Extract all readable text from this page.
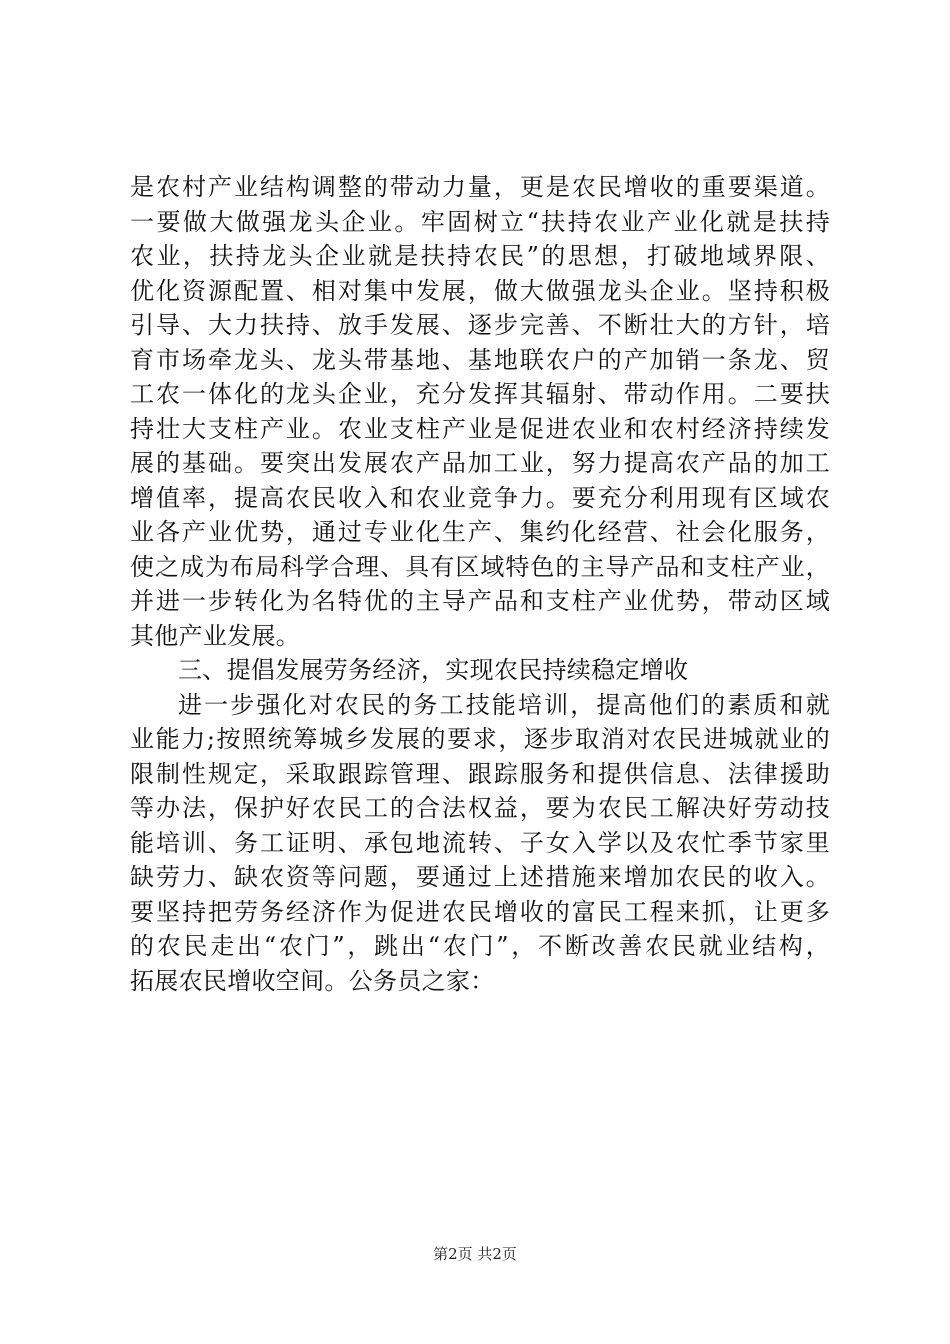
是农村产业结构调整的带动力量，更是农民增收的重要渠道。
一要做大做强龙头企业。牢固树立“扶持农业产业化就是扶持
农业，扶持龙头企业就是扶持农民”的思想，打破地域界限、
优化资源配置、相对集中发展，做大做强龙头企业。坚持积极
引导、大力扶持、放手发展、逐步完善、不断壮大的方针，培
育市场牵龙头、龙头带基地、基地联农户的产加销一条龙、贸
工农一体化的龙头企业，充分发挥其辐射、带动作用。二要扶
持壮大支柱产业。农业支柱产业是促进农业和农村经济持续发
展的基础。要突出发展农产品加工业，努力提高农产品的加工
增值率，提高农民收入和农业竞争力。要充分利用现有区域农
业各产业优势，通过专业化生产、集约化经营、社会化服务，
使之成为布局科学合理、具有区域特色的主导产品和支柱产业，
并进一步转化为名特优的主导产品和支柱产业优势，带动区域
其他产业发展。
三、提倡发展劳务经济，实现农民持续稳定增收
进一步强化对农民的务工技能培训，提高他们的素质和就
业能力;按照统筹城乡发展的要求，逐步取消对农民进城就业的
限制性规定，采取跟踪管理、跟踪服务和提供信息、法律援助
等办法，保护好农民工的合法权益，要为农民工解决好劳动技
能培训、务工证明、承包地流转、子女入学以及农忙季节家里
缺劳力、缺农资等问题，要通过上述措施来增加农民的收入。
要坚持把劳务经济作为促进农民增收的富民工程来抓，让更多
的农民走出“农门”，跳出“农门”，不断改善农民就业结构，
拓展农民增收空间。公务员之家：
第2页 共2页
